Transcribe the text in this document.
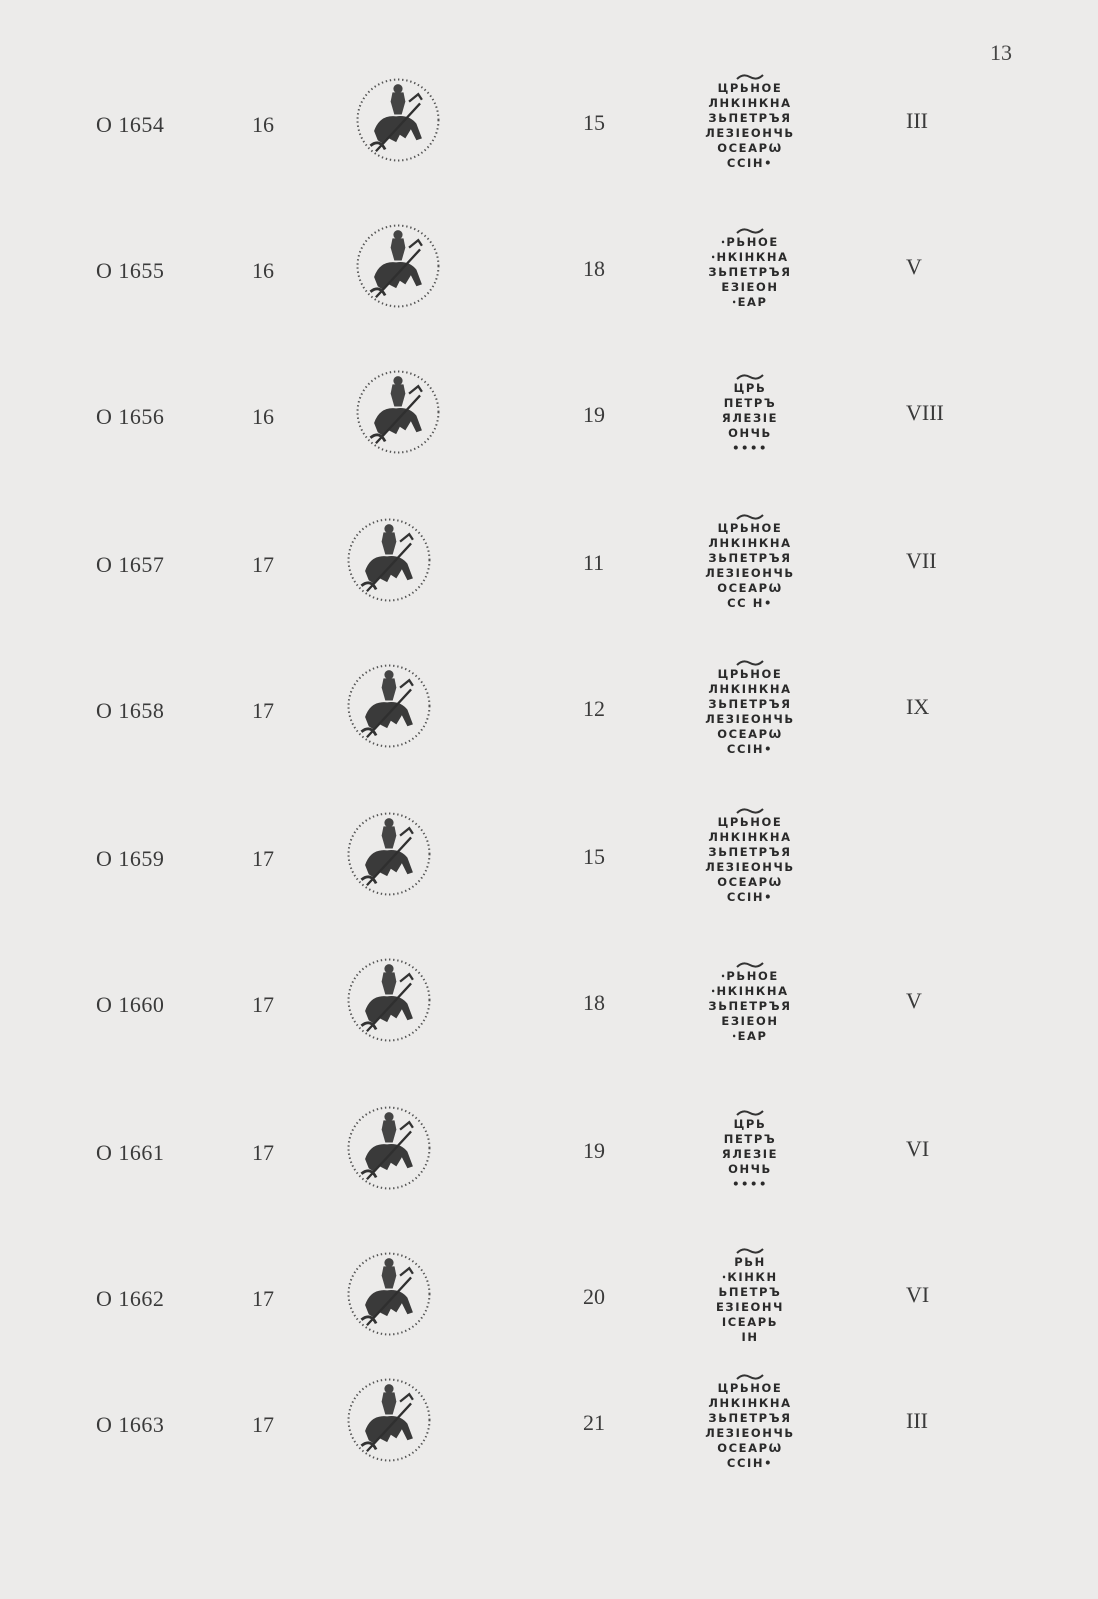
13
O 1654	16	15
ЦРЬНОЕ
ЛНКІНКНА
ЗЬПЕТРЪЯ
ЛЕЗІЕОНЧЬ
ОСЕАРѠ
ССІН•
III
O 1655	16	18
ꞏРЬНОЕ
ꞏНКІНКНА
ЗЬПЕТРЪЯ
ЕЗІЕОН
ꞏЕАР
V
O 1656	16	19
ЦРЬ
ПЕТРЪ
ЯЛЕЗІЕ
ОНЧЬ
••••
VIII
O 1657	17	11
ЦРЬНОЕ
ЛНКІНКНА
ЗЬПЕТРЪЯ
ЛЕЗІЕОНЧЬ
ОСЕАРѠ
СС Н•
VII
O 1658	17	12
ЦРЬНОЕ
ЛНКІНКНА
ЗЬПЕТРЪЯ
ЛЕЗІЕОНЧЬ
ОСЕАРѠ
ССІН•
IX
O 1659	17	15
ЦРЬНОЕ
ЛНКІНКНА
ЗЬПЕТРЪЯ
ЛЕЗІЕОНЧЬ
ОСЕАРѠ
ССІН•
O 1660	17	18
ꞏРЬНОЕ
ꞏНКІНКНА
ЗЬПЕТРЪЯ
ЕЗІЕОН
ꞏЕАР
V
O 1661	17	19
ЦРЬ
ПЕТРЪ
ЯЛЕЗІЕ
ОНЧЬ
••••
VI
O 1662	17	20
РЬН
ꞏКІНКН
ЬПЕТРЪ
ЕЗІЕОНЧ
ІСЕАРЬ
ІН
VI
O 1663	17	21
ЦРЬНОЕ
ЛНКІНКНА
ЗЬПЕТРЪЯ
ЛЕЗІЕОНЧЬ
ОСЕАРѠ
ССІН•
III
